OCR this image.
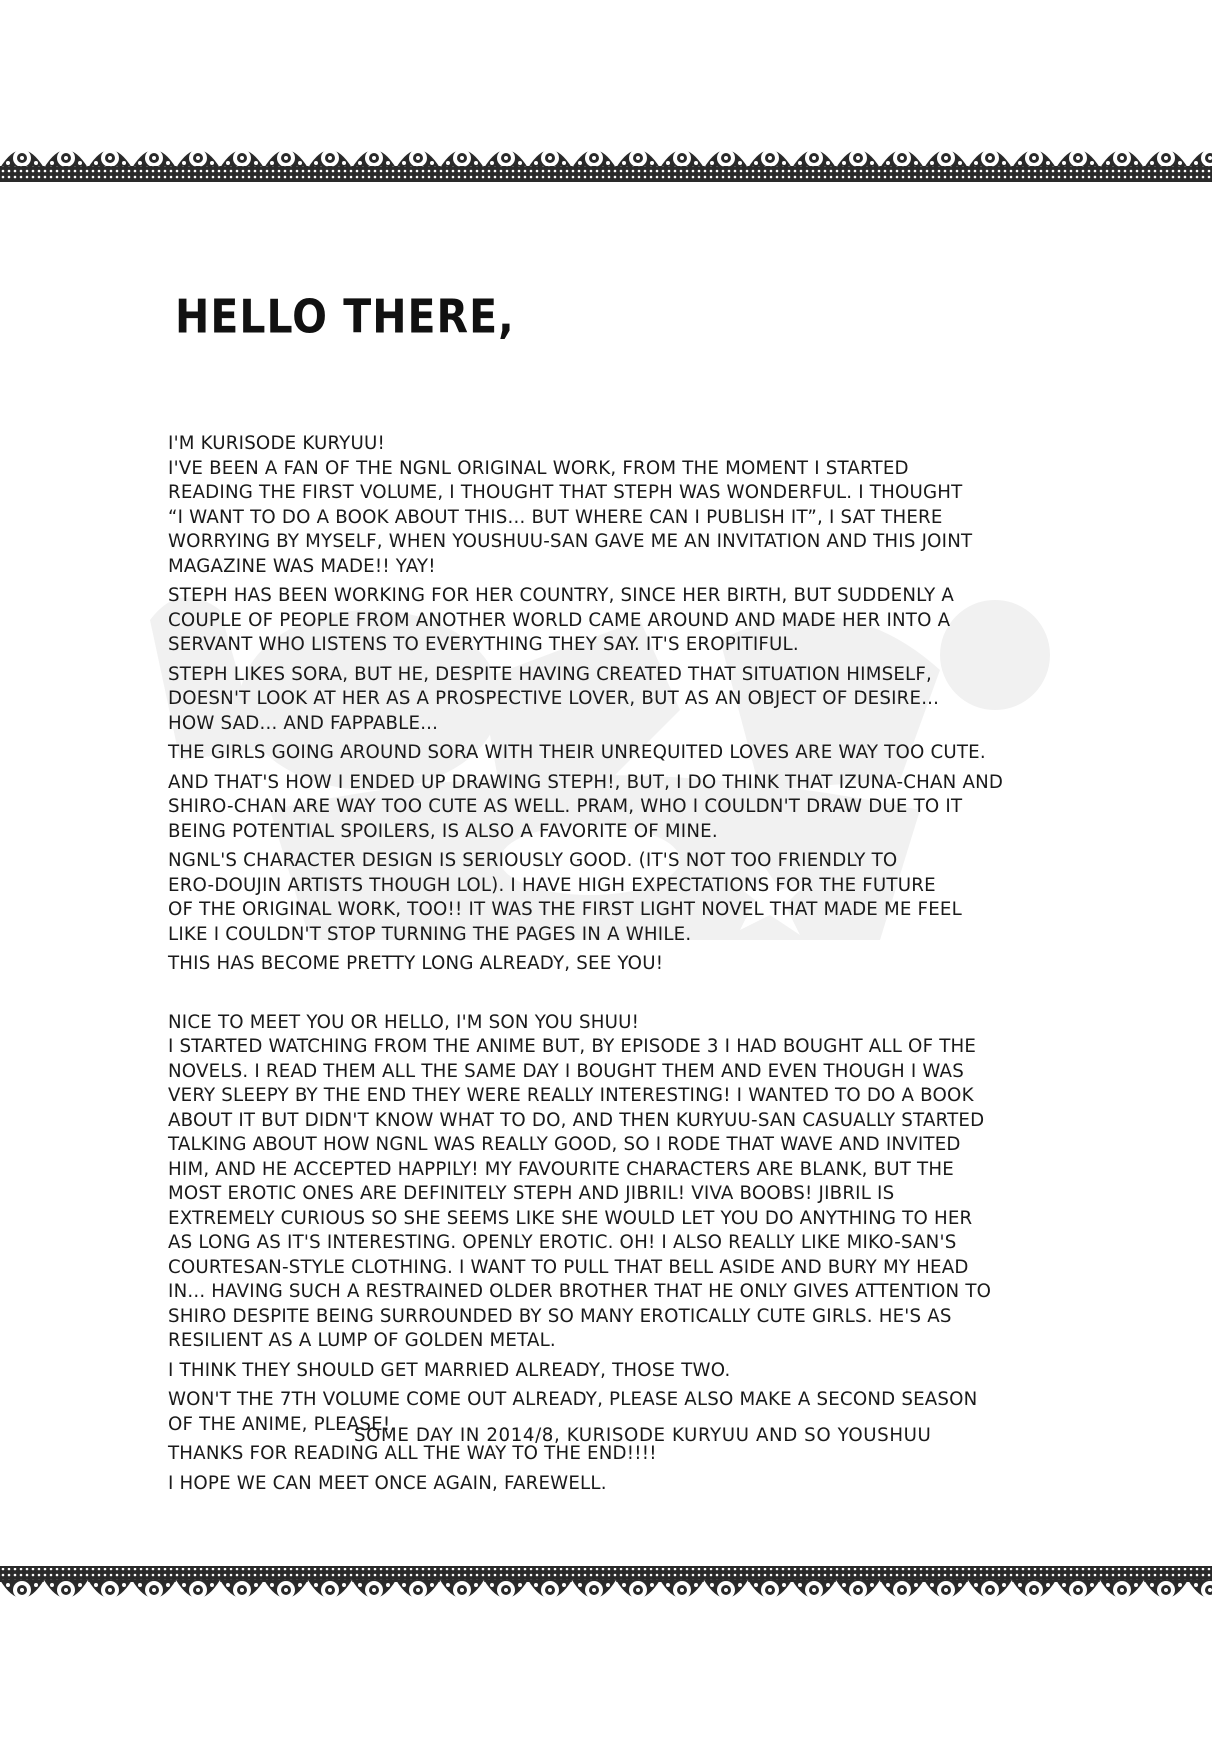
HELLO THERE,

I'M KURISODE KURYUU!
I'VE BEEN A FAN OF THE NGNL ORIGINAL WORK, FROM THE MOMENT I STARTED
READING THE FIRST VOLUME, I THOUGHT THAT STEPH WAS WONDERFUL. I THOUGHT
“I WANT TO DO A BOOK ABOUT THIS... BUT WHERE CAN I PUBLISH IT”, I SAT THERE
WORRYING BY MYSELF, WHEN YOUSHUU-SAN GAVE ME AN INVITATION AND THIS JOINT
MAGAZINE WAS MADE!! YAY!

STEPH HAS BEEN WORKING FOR HER COUNTRY, SINCE HER BIRTH, BUT SUDDENLY A
COUPLE OF PEOPLE FROM ANOTHER WORLD CAME AROUND AND MADE HER INTO A
SERVANT WHO LISTENS TO EVERYTHING THEY SAY. IT'S EROPITIFUL.

STEPH LIKES SORA, BUT HE, DESPITE HAVING CREATED THAT SITUATION HIMSELF,
DOESN'T LOOK AT HER AS A PROSPECTIVE LOVER, BUT AS AN OBJECT OF DESIRE...
HOW SAD... AND FAPPABLE...

THE GIRLS GOING AROUND SORA WITH THEIR UNREQUITED LOVES ARE WAY TOO CUTE.

AND THAT'S HOW I ENDED UP DRAWING STEPH!, BUT, I DO THINK THAT IZUNA-CHAN AND
SHIRO-CHAN ARE WAY TOO CUTE AS WELL. PRAM, WHO I COULDN'T DRAW DUE TO IT
BEING POTENTIAL SPOILERS, IS ALSO A FAVORITE OF MINE.

NGNL'S CHARACTER DESIGN IS SERIOUSLY GOOD. (IT'S NOT TOO FRIENDLY TO
ERO-DOUJIN ARTISTS THOUGH LOL). I HAVE HIGH EXPECTATIONS FOR THE FUTURE
OF THE ORIGINAL WORK, TOO!! IT WAS THE FIRST LIGHT NOVEL THAT MADE ME FEEL
LIKE I COULDN'T STOP TURNING THE PAGES IN A WHILE.

THIS HAS BECOME PRETTY LONG ALREADY, SEE YOU!

NICE TO MEET YOU OR HELLO, I'M SON YOU SHUU!
I STARTED WATCHING FROM THE ANIME BUT, BY EPISODE 3 I HAD BOUGHT ALL OF THE
NOVELS. I READ THEM ALL THE SAME DAY I BOUGHT THEM AND EVEN THOUGH I WAS
VERY SLEEPY BY THE END THEY WERE REALLY INTERESTING! I WANTED TO DO A BOOK
ABOUT IT BUT DIDN'T KNOW WHAT TO DO, AND THEN KURYUU-SAN CASUALLY STARTED
TALKING ABOUT HOW NGNL WAS REALLY GOOD, SO I RODE THAT WAVE AND INVITED
HIM, AND HE ACCEPTED HAPPILY! MY FAVOURITE CHARACTERS ARE BLANK, BUT THE
MOST EROTIC ONES ARE DEFINITELY STEPH AND JIBRIL! VIVA BOOBS! JIBRIL IS
EXTREMELY CURIOUS SO SHE SEEMS LIKE SHE WOULD LET YOU DO ANYTHING TO HER
AS LONG AS IT'S INTERESTING. OPENLY EROTIC. OH! I ALSO REALLY LIKE MIKO-SAN'S
COURTESAN-STYLE CLOTHING. I WANT TO PULL THAT BELL ASIDE AND BURY MY HEAD
IN... HAVING SUCH A RESTRAINED OLDER BROTHER THAT HE ONLY GIVES ATTENTION TO
SHIRO DESPITE BEING SURROUNDED BY SO MANY EROTICALLY CUTE GIRLS. HE'S AS
RESILIENT AS A LUMP OF GOLDEN METAL.

I THINK THEY SHOULD GET MARRIED ALREADY, THOSE TWO.

WON'T THE 7TH VOLUME COME OUT ALREADY, PLEASE ALSO MAKE A SECOND SEASON
OF THE ANIME, PLEASE!

THANKS FOR READING ALL THE WAY TO THE END!!!!

I HOPE WE CAN MEET ONCE AGAIN, FAREWELL.

SOME DAY IN 2014/8, KURISODE KURYUU AND SO YOUSHUU
